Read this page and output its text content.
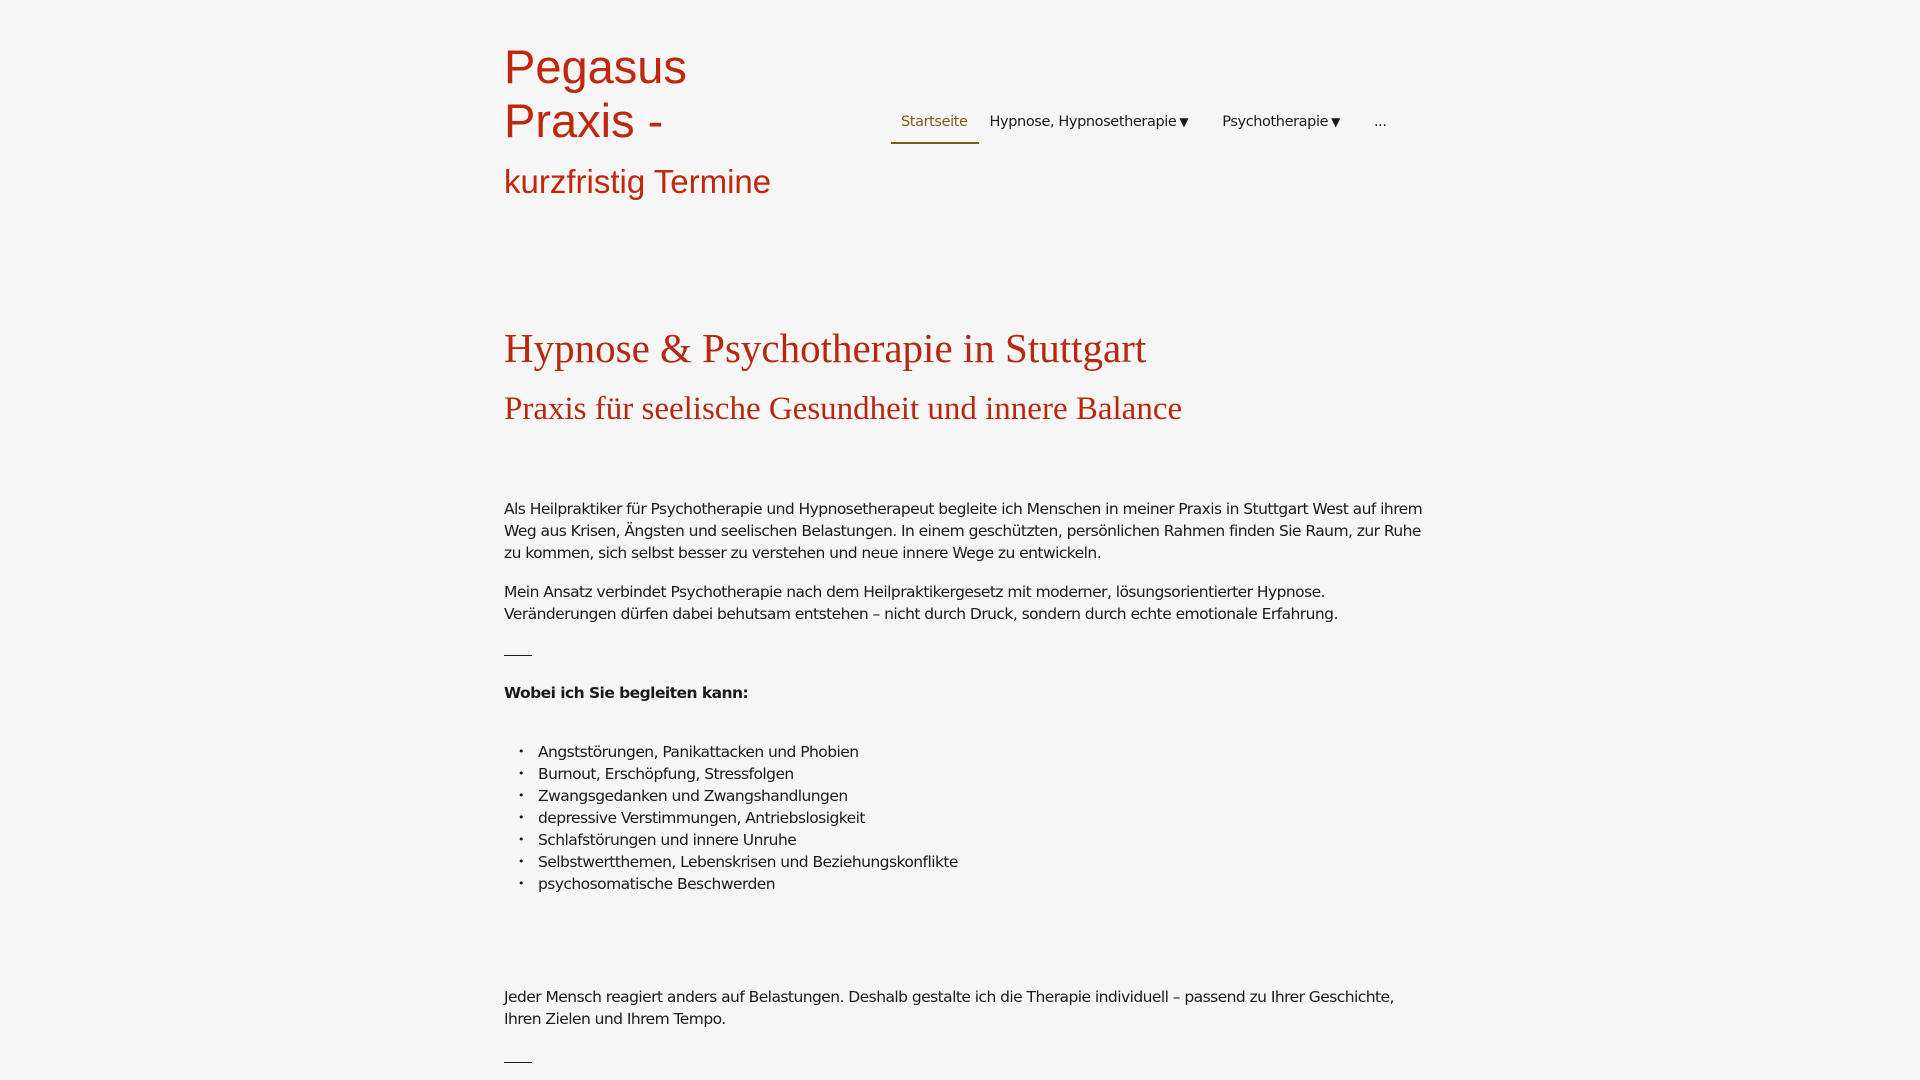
Pegasus
Praxis -
kurzfristig Termine
Startseite	Hypnose, Hypnosetherapie ▼	Psychotherapie ▼	...
Hypnose & Psychotherapie in Stuttgart
Praxis für seelische Gesundheit und innere Balance

Als Heilpraktiker für Psychotherapie und Hypnosetherapeut begleite ich Menschen in meiner Praxis in Stuttgart West auf ihrem Weg aus Krisen, Ängsten und seelischen Belastungen. In einem geschützten, persönlichen Rahmen finden Sie Raum, zur Ruhe zu kommen, sich selbst besser zu verstehen und neue innere Wege zu entwickeln.

Mein Ansatz verbindet Psychotherapie nach dem Heilpraktikergesetz mit moderner, lösungsorientierter Hypnose. Veränderungen dürfen dabei behutsam entstehen – nicht durch Druck, sondern durch echte emotionale Erfahrung.

Wobei ich Sie begleiten kann:

• Angststörungen, Panikattacken und Phobien
• Burnout, Erschöpfung, Stressfolgen
• Zwangsgedanken und Zwangshandlungen
• depressive Verstimmungen, Antriebslosigkeit
• Schlafstörungen und innere Unruhe
• Selbstwertthemen, Lebenskrisen und Beziehungskonflikte
• psychosomatische Beschwerden

Jeder Mensch reagiert anders auf Belastungen. Deshalb gestalte ich die Therapie individuell – passend zu Ihrer Geschichte, Ihren Zielen und Ihrem Tempo.
